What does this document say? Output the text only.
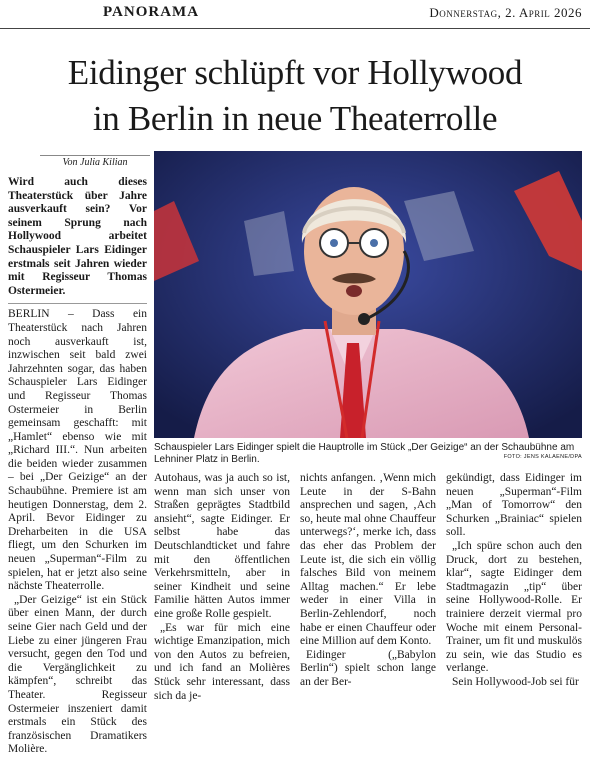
PANORAMA	Donnerstag, 2. April 2026
Eidinger schlüpft vor Hollywood
in Berlin in neue Theaterrolle
Von Julia Kilian

Wird auch dieses Theaterstück über Jahre ausverkauft sein? Vor seinem Sprung nach Hollywood arbeitet Schauspieler Lars Eidinger erstmals seit Jahren wieder mit Regisseur Thomas Ostermeier.

BERLIN – Dass ein Theaterstück nach Jahren noch ausverkauft ist, inzwischen seit bald zwei Jahrzehnten sogar, das haben Schauspieler Lars Eidinger und Regisseur Thomas Ostermeier in Berlin gemeinsam geschafft: mit „Hamlet“ ebenso wie mit „Richard III.“. Nun arbeiten die beiden wieder zusammen – bei „Der Geizige“ an der Schaubühne. Premiere ist am heutigen Donnerstag, dem 2. April. Bevor Eidinger zu Dreharbeiten in die USA fliegt, um den Schurken im neuen „Superman“-Film zu spielen, hat er jetzt also seine nächste Theaterrolle.

„Der Geizige“ ist ein Stück über einen Mann, der durch seine Gier nach Geld und der Liebe zu einer jüngeren Frau versucht, gegen den Tod und die Vergänglichkeit zu kämpfen“, schreibt das Theater. Regisseur Ostermeier inszeniert damit erstmals ein Stück des französischen Dramatikers Molière.

Schauspieler Lars Eidinger spielt die Hauptrolle im Stück „Der Geizige“ an der Schaubühne am Lehniner Platz in Berlin.	FOTO: JENS KALAENE/DPA

Autohaus, was ja auch so ist, wenn man sich unser von Straßen geprägtes Stadtbild ansieht“, sagte Eidinger. Er selbst habe das Deutschlandticket und fahre mit den öffentlichen Verkehrsmitteln, aber in seiner Kindheit und seine Familie hätten Autos immer eine große Rolle gespielt.

„Es war für mich eine wichtige Emanzipation, mich von den Autos zu befreien, und ich fand an Molières Stück sehr interessant, dass sich da je-

nichts anfangen. ‚Wenn mich Leute in der S-Bahn ansprechen und sagen, ‚Ach so, heute mal ohne Chauffeur unterwegs?‘, merke ich, dass das eher das Problem der Leute ist, die sich ein völlig falsches Bild von meinem Alltag machen.“ Er lebe weder in einer Villa in Berlin-Zehlendorf, noch habe er einen Chauffeur oder eine Million auf dem Konto.

Eidinger („Babylon Berlin“) spielt schon lange an der Ber-

gekündigt, dass Eidinger im neuen „Superman“-Film „Man of Tomorrow“ den Schurken „Brainiac“ spielen soll.

„Ich spüre schon auch den Druck, dort zu bestehen, klar“, sagte Eidinger dem Stadtmagazin „tip“ über seine Hollywood-Rolle. Er trainiere derzeit viermal pro Woche mit einem Personal-Trainer, um fit und muskulös zu sein, wie das Studio es verlange.

Sein Hollywood-Job sei für
